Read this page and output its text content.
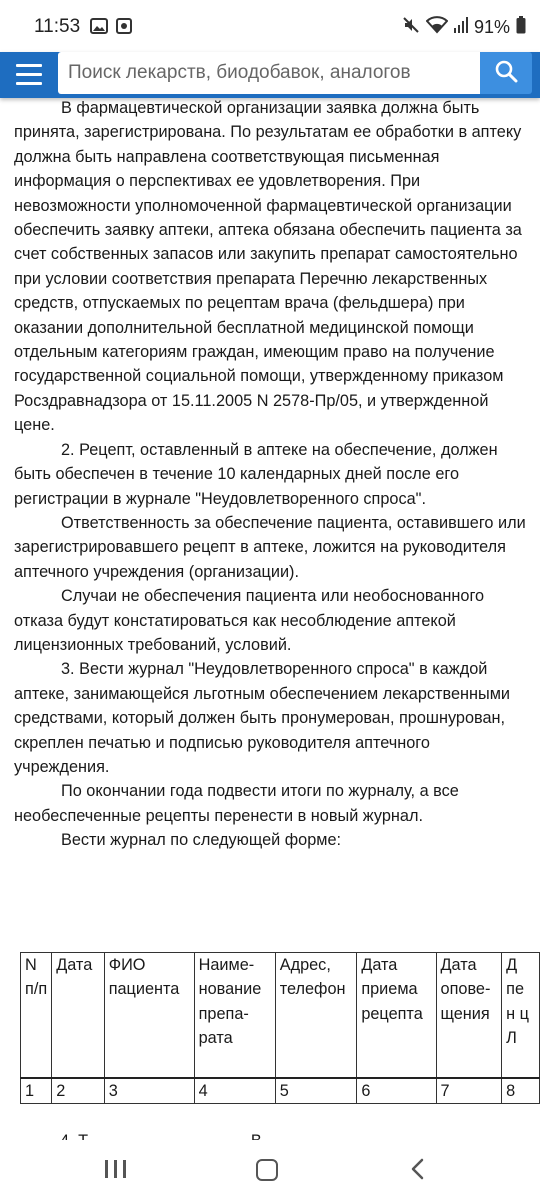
11:53	91%
Поиск лекарств, биодобавок, аналогов

В фармацевтической организации заявка должна быть принята, зарегистрирована. По результатам ее обработки в аптеку должна быть направлена соответствующая письменная информация о перспективах ее удовлетворения. При невозможности уполномоченной фармацевтической организации обеспечить заявку аптеки, аптека обязана обеспечить пациента за счет собственных запасов или закупить препарат самостоятельно при условии соответствия препарата Перечню лекарственных средств, отпускаемых по рецептам врача (фельдшера) при оказании дополнительной бесплатной медицинской помощи отдельным категориям граждан, имеющим право на получение государственной социальной помощи, утвержденному приказом Росздравнадзора от 15.11.2005 N 2578-Пр/05, и утвержденной цене.

2. Рецепт, оставленный в аптеке на обеспечение, должен быть обеспечен в течение 10 календарных дней после его регистрации в журнале "Неудовлетворенного спроса".

Ответственность за обеспечение пациента, оставившего или зарегистрировавшего рецепт в аптеке, ложится на руководителя аптечного учреждения (организации).

Случаи не обеспечения пациента или необоснованного отказа будут констатироваться как несоблюдение аптекой лицензионных требований, условий.

3. Вести журнал "Неудовлетворенного спроса" в каждой аптеке, занимающейся льготным обеспечением лекарственными средствами, который должен быть пронумерован, прошнурован, скреплен печатью и подписью руководителя аптечного учреждения.

По окончании года подвести итоги по журналу, а все необеспеченные рецепты перенести в новый журнал.

Вести журнал по следующей форме:

N п/п	Дата	ФИО пациента	Наиме- нование препа- рата	Адрес, телефон	Дата приема рецепта	Дата опове- щения	Д пе н ц Л
1	2	3	4	5	6	7	8
